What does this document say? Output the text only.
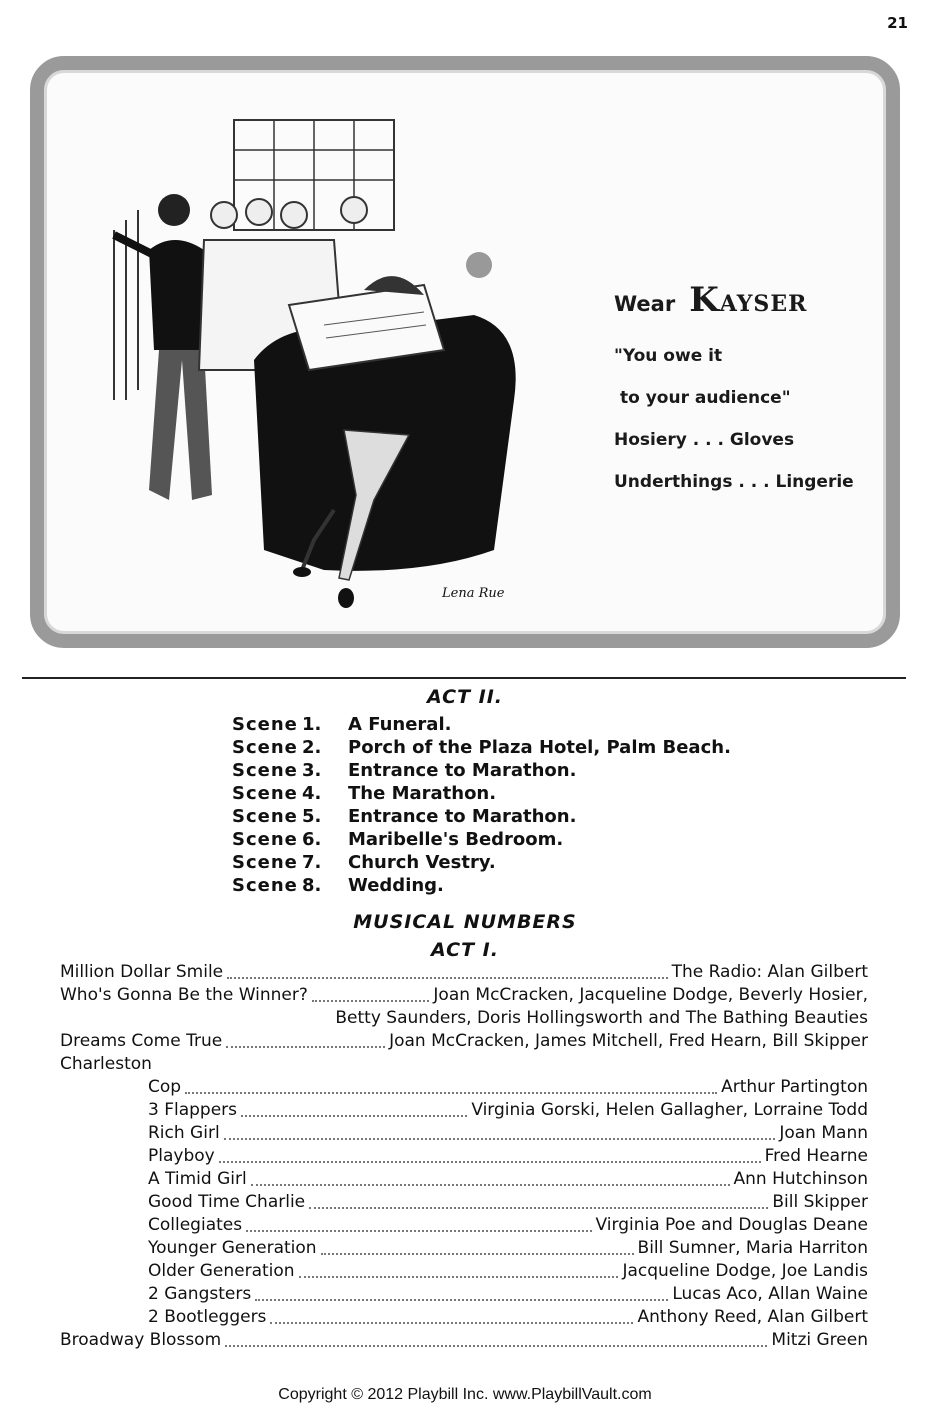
21
Lena Rue
Wear KAYSER
"You owe it
to your audience"
Hosiery . . . Gloves
Underthings . . . Lingerie
ACT II.
Scene 1.	A Funeral.
Scene 2.	Porch of the Plaza Hotel, Palm Beach.
Scene 3.	Entrance to Marathon.
Scene 4.	The Marathon.
Scene 5.	Entrance to Marathon.
Scene 6.	Maribelle's Bedroom.
Scene 7.	Church Vestry.
Scene 8.	Wedding.
MUSICAL NUMBERS
ACT I.
Million Dollar Smile	The Radio: Alan Gilbert
Who's Gonna Be the Winner?	Joan McCracken, Jacqueline Dodge, Beverly Hosier,
Betty Saunders, Doris Hollingsworth and The Bathing Beauties
Dreams Come True	Joan McCracken, James Mitchell, Fred Hearn, Bill Skipper
Charleston
Cop	Arthur Partington
3 Flappers	Virginia Gorski, Helen Gallagher, Lorraine Todd
Rich Girl	Joan Mann
Playboy	Fred Hearne
A Timid Girl	Ann Hutchinson
Good Time Charlie	Bill Skipper
Collegiates	Virginia Poe and Douglas Deane
Younger Generation	Bill Sumner, Maria Harriton
Older Generation	Jacqueline Dodge, Joe Landis
2 Gangsters	Lucas Aco, Allan Waine
2 Bootleggers	Anthony Reed, Alan Gilbert
Broadway Blossom	Mitzi Green
Copyright © 2012 Playbill Inc. www.PlaybillVault.com
